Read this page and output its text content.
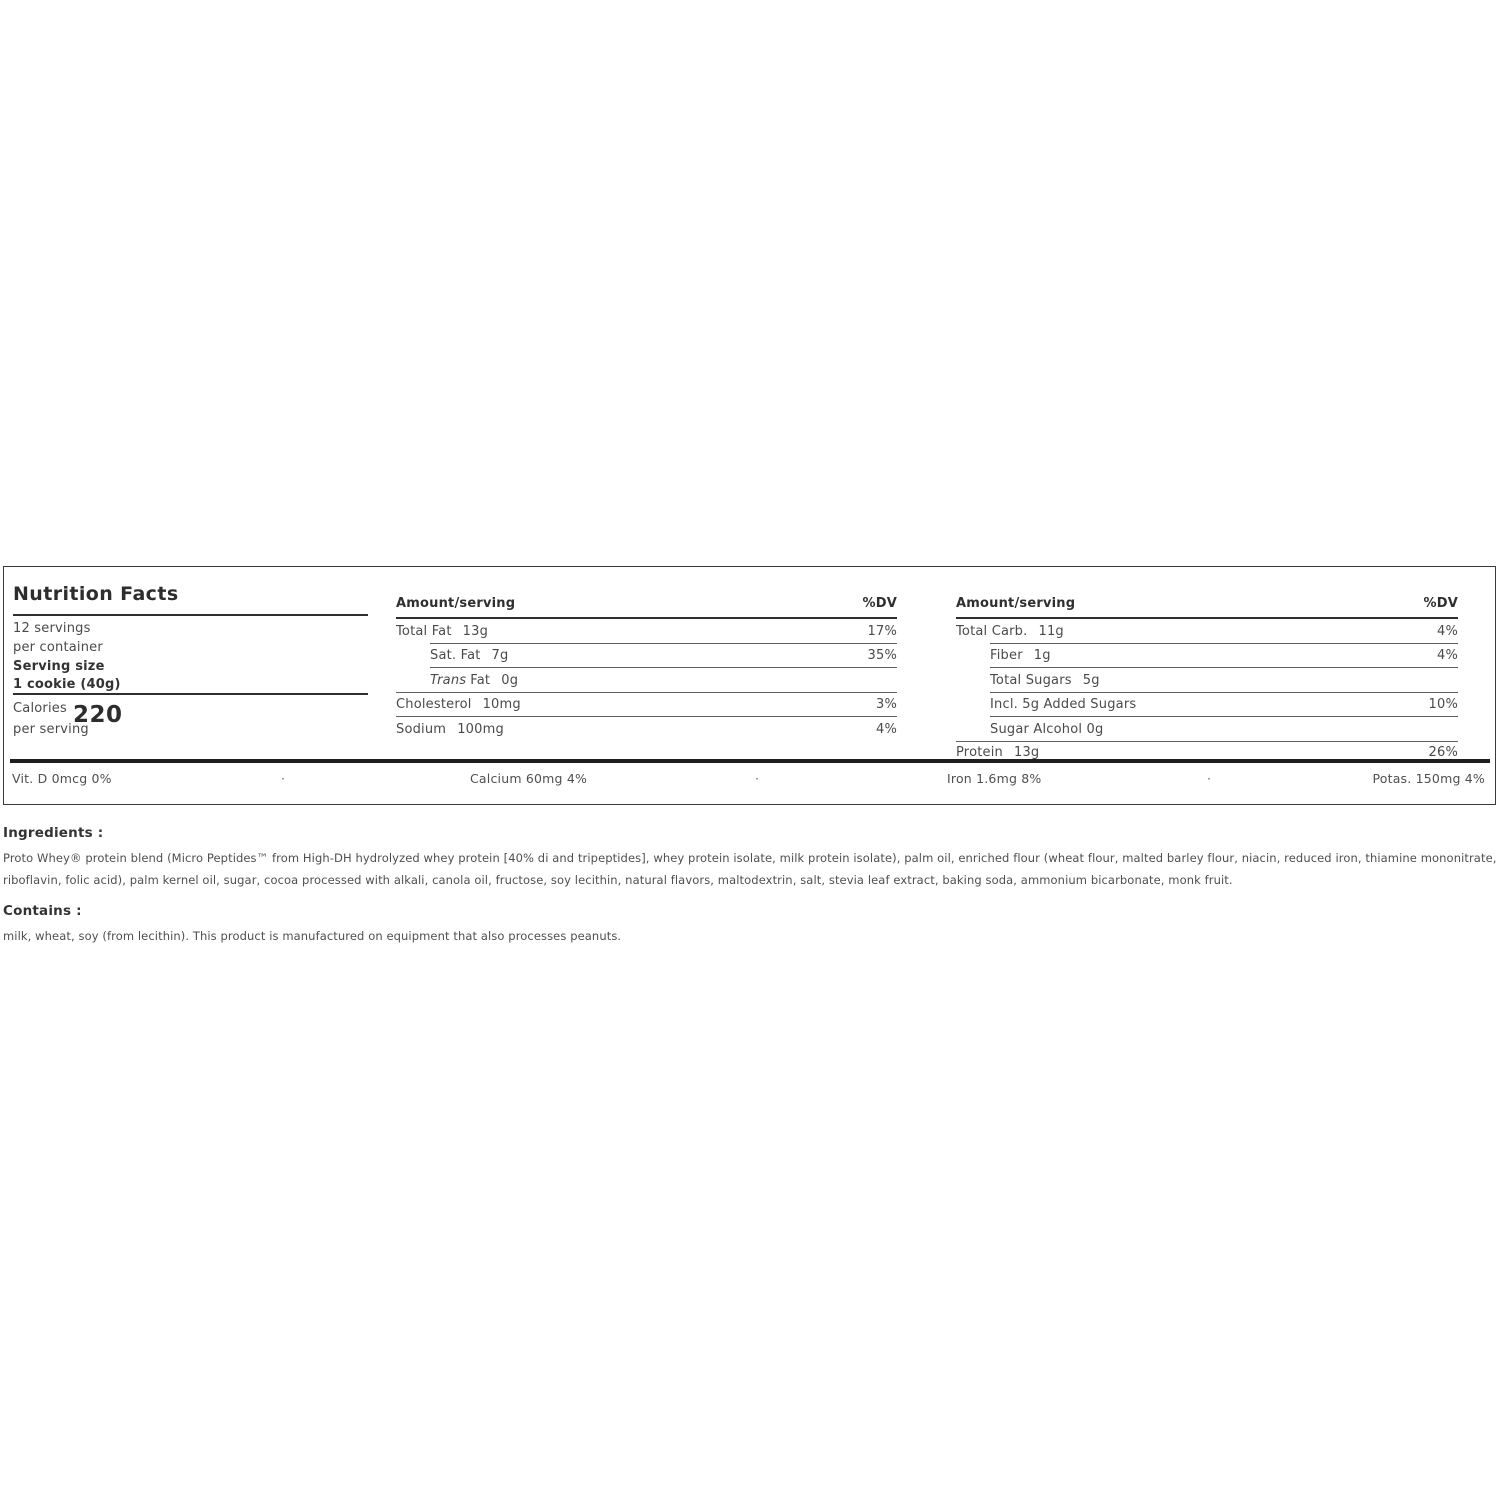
Nutrition Facts
12 servings
per container
Serving size
1 cookie (40g)
Calories 220
per serving
Amount/serving	%DV
Total Fat 13g	17%
Sat. Fat 7g	35%
Trans Fat 0g
Cholesterol 10mg	3%
Sodium 100mg	4%
Amount/serving	%DV
Total Carb. 11g	4%
Fiber 1g	4%
Total Sugars 5g
Incl. 5g Added Sugars	10%
Sugar Alcohol 0g
Protein 13g	26%
Vit. D 0mcg 0%	·	Calcium 60mg 4%	·	Iron 1.6mg 8%	·	Potas. 150mg 4%
Ingredients :

Proto Whey® protein blend (Micro Peptides™ from High-DH hydrolyzed whey protein [40% di and tripeptides], whey protein isolate, milk protein isolate), palm oil, enriched flour (wheat flour, malted barley flour, niacin, reduced iron, thiamine mononitrate, riboflavin, folic acid), palm kernel oil, sugar, cocoa processed with alkali, canola oil, fructose, soy lecithin, natural flavors, maltodextrin, salt, stevia leaf extract, baking soda, ammonium bicarbonate, monk fruit.

Contains :

milk, wheat, soy (from lecithin). This product is manufactured on equipment that also processes peanuts.
